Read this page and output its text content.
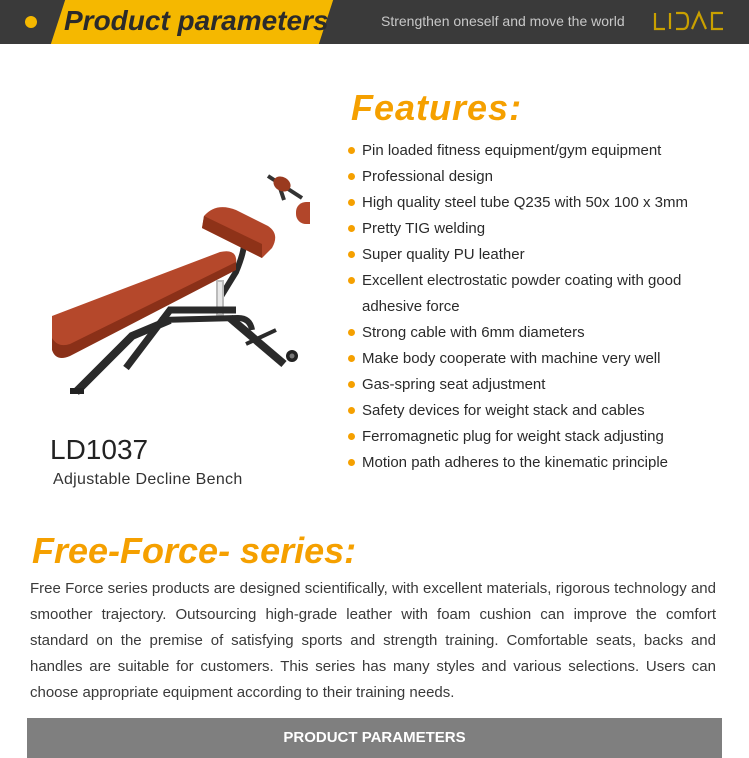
Product parameters	Strengthen oneself and move the world
Features:
Pin loaded fitness equipment/gym equipment
Professional design
High quality steel tube Q235 with 50x 100 x 3mm
Pretty TIG welding
Super quality PU leather
Excellent electrostatic powder coating with good adhesive force
Strong cable with 6mm diameters
Make body cooperate with machine very well
Gas-spring seat adjustment
Safety devices for weight stack and cables
Ferromagnetic plug for weight stack adjusting
Motion path adheres to the kinematic principle
LD1037
Adjustable Decline Bench
Free-Force- series:

Free Force series products are designed scientifically, with excellent materials, rigorous technology and smoother trajectory. Outsourcing high-grade leather with foam cushion can improve the comfort standard on the premise of satisfying sports and strength training. Comfortable seats, backs and handles are suitable for customers. This series has many styles and various selections. Users can choose appropriate equipment according to their training needs.

PRODUCT PARAMETERS
